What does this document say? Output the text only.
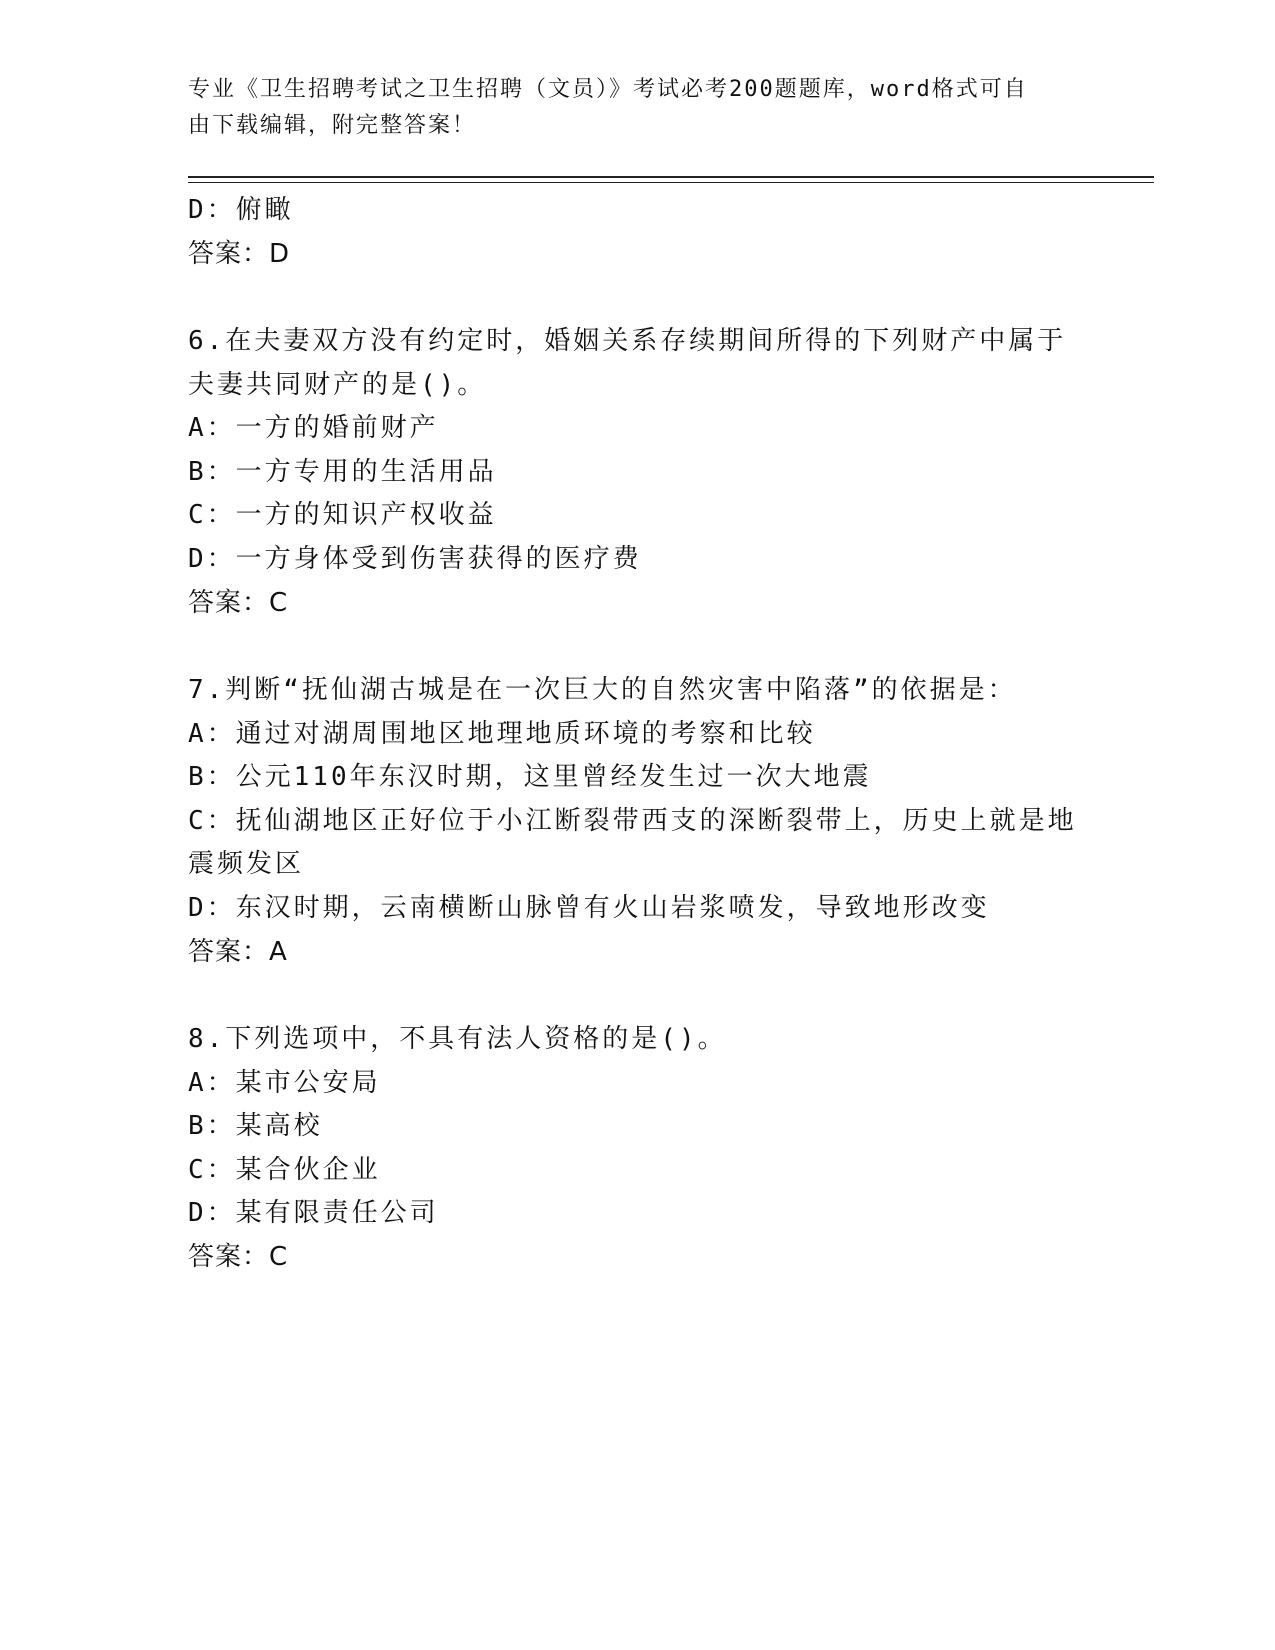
专业《卫生招聘考试之卫生招聘（文员）》考试必考200题题库，word格式可自
由下载编辑，附完整答案！
D：俯瞰
答案：D
6.在夫妻双方没有约定时，婚姻关系存续期间所得的下列财产中属于
夫妻共同财产的是()。
A：一方的婚前财产
B：一方专用的生活用品
C：一方的知识产权收益
D：一方身体受到伤害获得的医疗费
答案：C
7.判断“抚仙湖古城是在一次巨大的自然灾害中陷落”的依据是：
A：通过对湖周围地区地理地质环境的考察和比较
B：公元110年东汉时期，这里曾经发生过一次大地震
C：抚仙湖地区正好位于小江断裂带西支的深断裂带上，历史上就是地
震频发区
D：东汉时期，云南横断山脉曾有火山岩浆喷发，导致地形改变
答案：A
8.下列选项中，不具有法人资格的是()。
A：某市公安局
B：某高校
C：某合伙企业
D：某有限责任公司
答案：C
